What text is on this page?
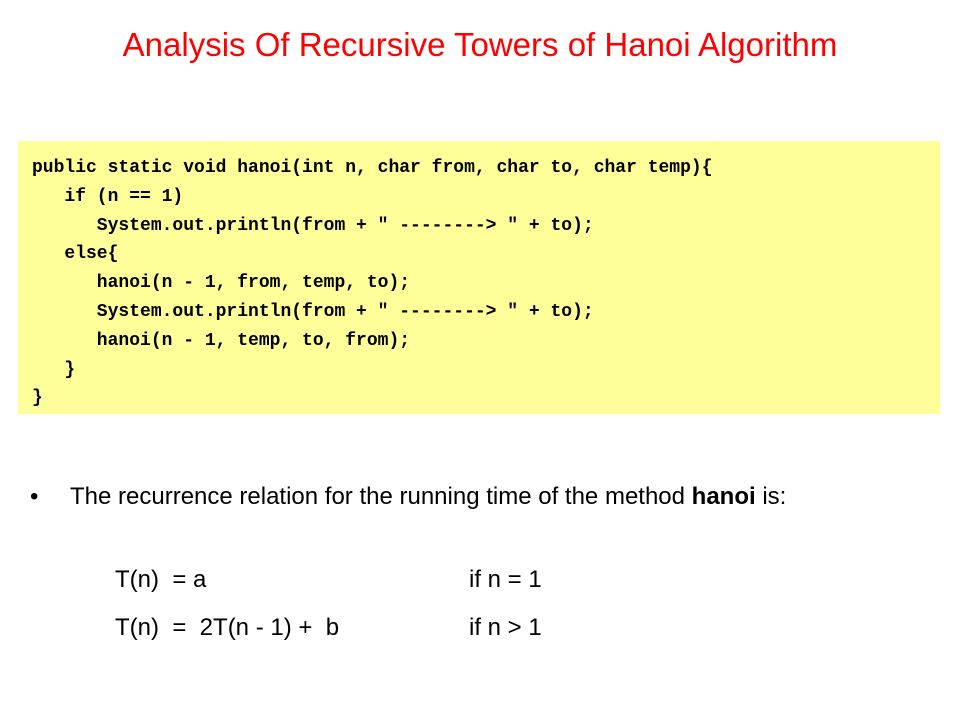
Analysis Of Recursive Towers of Hanoi Algorithm
public static void hanoi(int n, char from, char to, char temp){
if (n == 1)
System.out.println(from + " --------> " + to);
else{
hanoi(n - 1, from, temp, to);
System.out.println(from + " --------> " + to);
hanoi(n - 1, temp, to, from);
}
}
• The recurrence relation for the running time of the method hanoi is:
T(n)  = a	if n = 1
T(n)  =  2T(n - 1) +  b	if n > 1
